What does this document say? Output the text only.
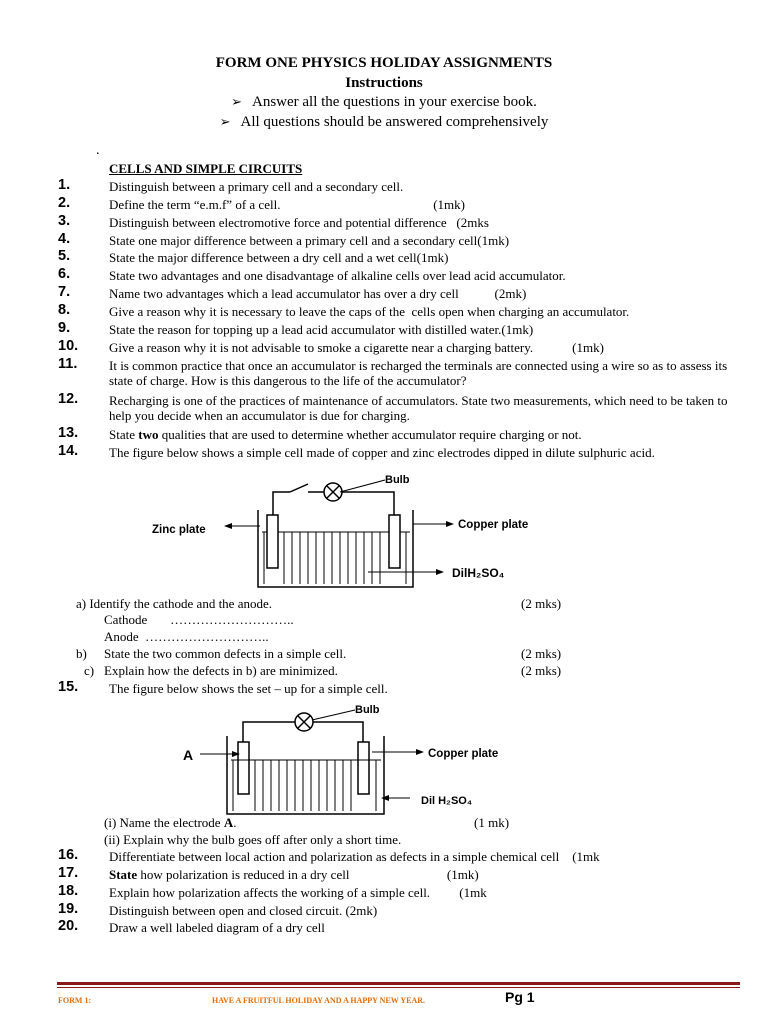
FORM ONE PHYSICS HOLIDAY ASSIGNMENTS
Instructions
➢ Answer all the questions in your exercise book.
➢ All questions should be answered comprehensively
.
CELLS AND SIMPLE CIRCUITS
1.	Distinguish between a primary cell and a secondary cell.
2.	Define the term “e.m.f” of a cell.                                               (1mk)
3.	Distinguish between electromotive force and potential difference   (2mks
4.	State one major difference between a primary cell and a secondary cell(1mk)
5.	State the major difference between a dry cell and a wet cell(1mk)
6.	State two advantages and one disadvantage of alkaline cells over lead acid accumulator.
7.	Name two advantages which a lead accumulator has over a dry cell           (2mk)
8.	Give a reason why it is necessary to leave the caps of the  cells open when charging an accumulator.
9.	State the reason for topping up a lead acid accumulator with distilled water.(1mk)
10. Give a reason why it is not advisable to smoke a cigarette near a charging battery.            (1mk)
11. It is common practice that once an accumulator is recharged the terminals are connected using a wire so as to assess its state of charge. How is this dangerous to the life of the accumulator?
12. Recharging is one of the practices of maintenance of accumulators. State two measurements, which need to be taken to help you decide when an accumulator is due for charging.
13. State two qualities that are used to determine whether accumulator require charging or not.
14. The figure below shows a simple cell made of copper and zinc electrodes dipped in dilute sulphuric acid.
Bulb
Zinc plate	Copper plate
DilH₂SO₄
a) Identify the cathode and the anode.	(2 mks)
Cathode       ………………………..
Anode  ………………………..
b) State the two common defects in a simple cell.	(2 mks)
c) Explain how the defects in b) are minimized.	(2 mks)
15. The figure below shows the set – up for a simple cell.
Bulb
A	Copper plate
Dil H₂SO₄
(i) Name the electrode A.	(1 mk)
(ii) Explain why the bulb goes off after only a short time.
16. Differentiate between local action and polarization as defects in a simple chemical cell    (1mk
17. State how polarization is reduced in a dry cell                              (1mk)
18. Explain how polarization affects the working of a simple cell.         (1mk
19. Distinguish between open and closed circuit. (2mk)
20. Draw a well labeled diagram of a dry cell
FORM 1:	HAVE A FRUITFUL HOLIDAY AND A HAPPY NEW YEAR.	Pg 1
